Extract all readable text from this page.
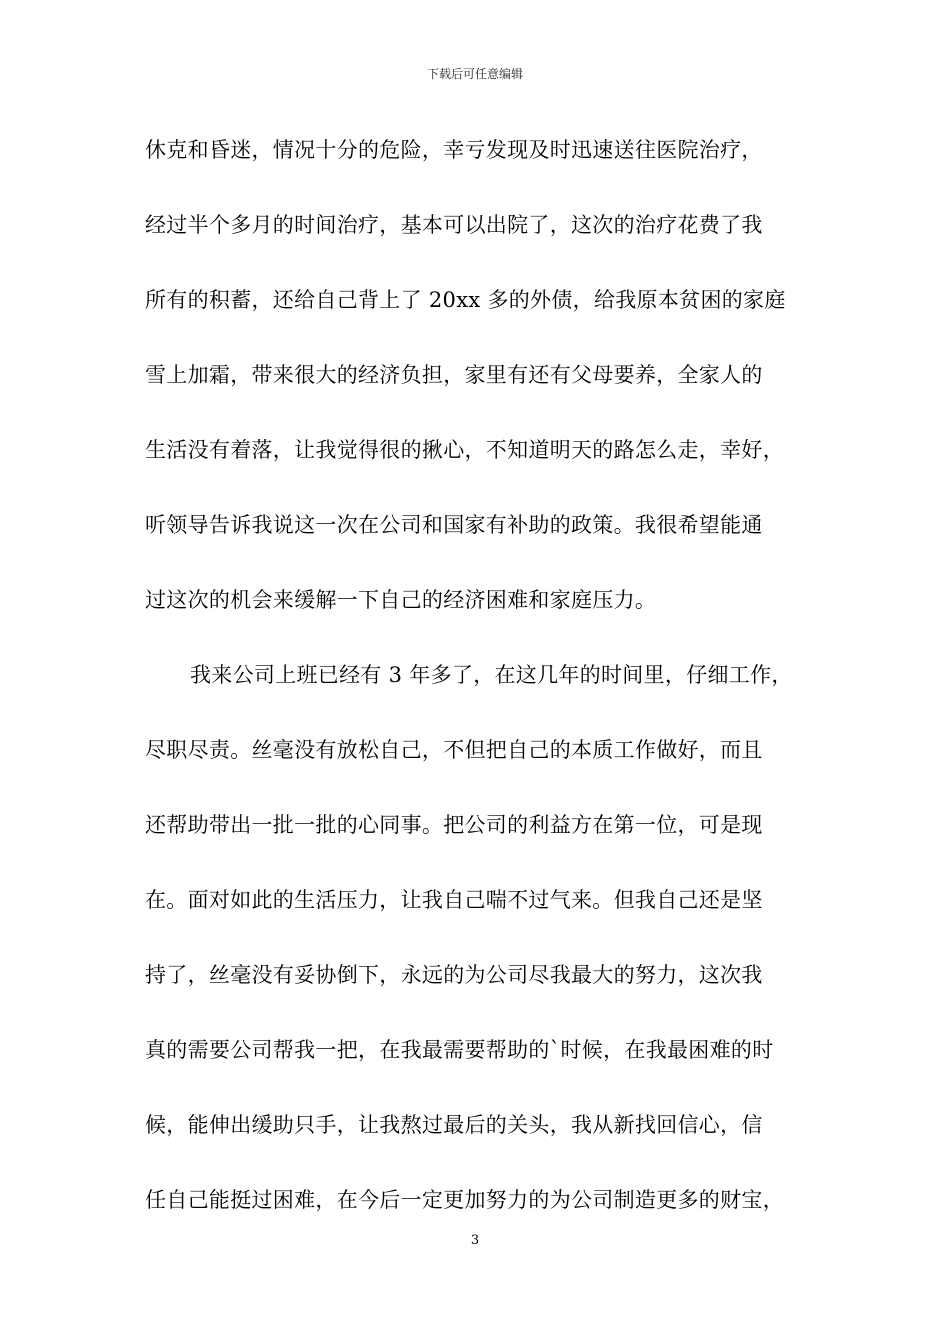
下载后可任意编辑
休克和昏迷，情况十分的危险，幸亏发现及时迅速送往医院治疗，
经过半个多月的时间治疗，基本可以出院了，这次的治疗花费了我
所有的积蓄，还给自己背上了 20xx 多的外债，给我原本贫困的家庭
雪上加霜，带来很大的经济负担，家里有还有父母要养，全家人的
生活没有着落，让我觉得很的揪心，不知道明天的路怎么走，幸好，
听领导告诉我说这一次在公司和国家有补助的政策。我很希望能通
过这次的机会来缓解一下自己的经济困难和家庭压力。
我来公司上班已经有 3 年多了，在这几年的时间里，仔细工作，
尽职尽责。丝毫没有放松自己，不但把自己的本质工作做好，而且
还帮助带出一批一批的心同事。把公司的利益方在第一位，可是现
在。面对如此的生活压力，让我自己喘不过气来。但我自己还是坚
持了，丝毫没有妥协倒下，永远的为公司尽我最大的努力，这次我
真的需要公司帮我一把，在我最需要帮助的`时候，在我最困难的时
候，能伸出缓助只手，让我熬过最后的关头，我从新找回信心，信
任自己能挺过困难，在今后一定更加努力的为公司制造更多的财宝，
3
